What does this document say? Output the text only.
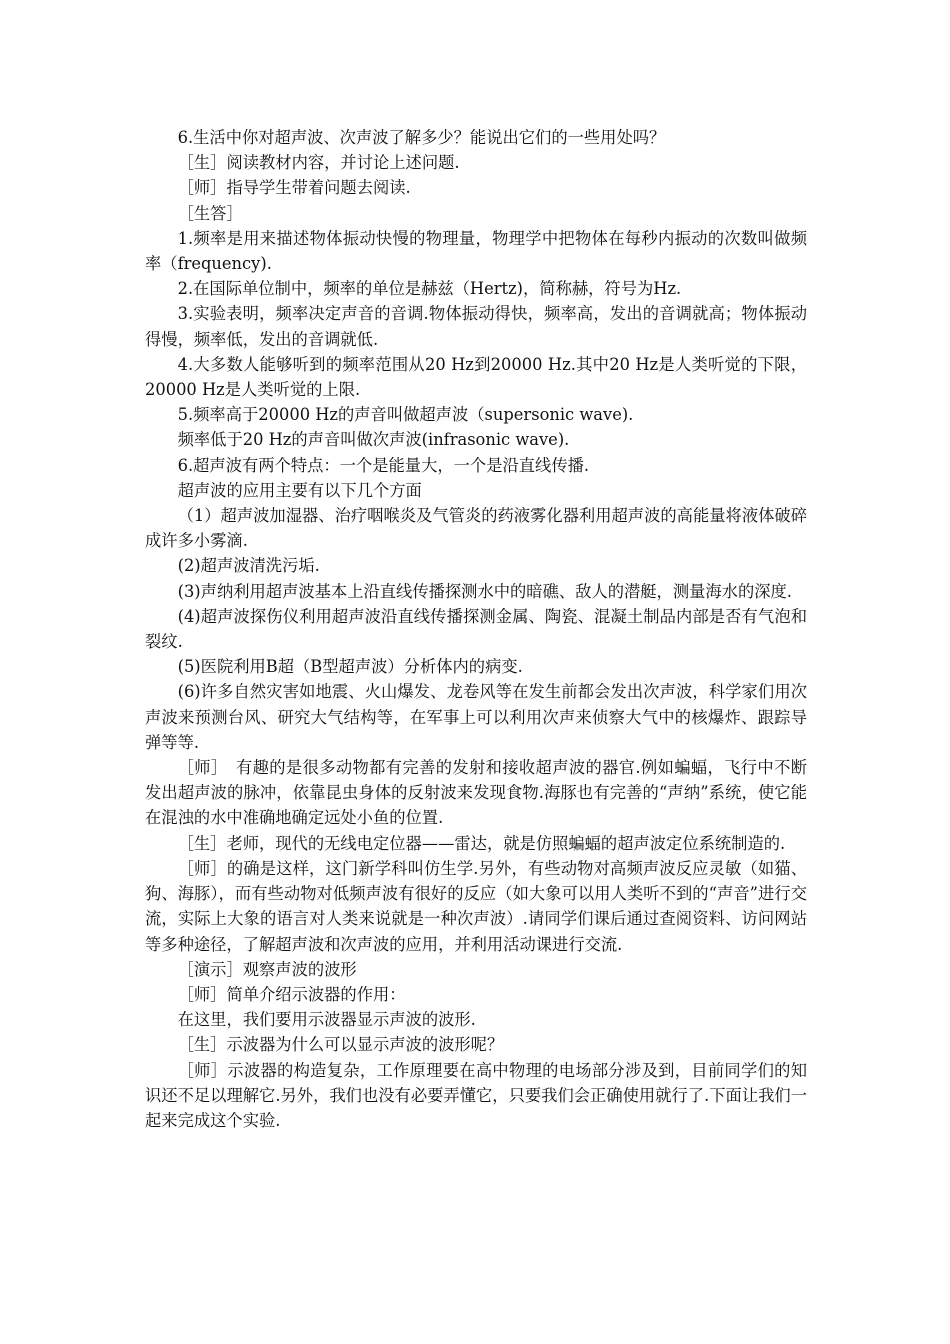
6.生活中你对超声波、次声波了解多少？能说出它们的一些用处吗？

［生］阅读教材内容，并讨论上述问题.

［师］指导学生带着问题去阅读.

［生答］

1.频率是用来描述物体振动快慢的物理量，物理学中把物体在每秒内振动的次数叫做频率（frequency).

2.在国际单位制中，频率的单位是赫兹（Hertz)，简称赫，符号为Hz.

3.实验表明，频率决定声音的音调.物体振动得快，频率高，发出的音调就高；物体振动得慢，频率低，发出的音调就低.

4.大多数人能够听到的频率范围从20 Hz到20000 Hz.其中20 Hz是人类听觉的下限，20000 Hz是人类听觉的上限.

5.频率高于20000 Hz的声音叫做超声波（supersonic wave).

频率低于20 Hz的声音叫做次声波(infrasonic wave).

6.超声波有两个特点：一个是能量大，一个是沿直线传播.

超声波的应用主要有以下几个方面

（1）超声波加湿器、治疗咽喉炎及气管炎的药液雾化器利用超声波的高能量将液体破碎成许多小雾滴.

(2)超声波清洗污垢.

(3)声纳利用超声波基本上沿直线传播探测水中的暗礁、敌人的潜艇，测量海水的深度.

(4)超声波探伤仪利用超声波沿直线传播探测金属、陶瓷、混凝土制品内部是否有气泡和裂纹.

(5)医院利用B超（B型超声波）分析体内的病变.

(6)许多自然灾害如地震、火山爆发、龙卷风等在发生前都会发出次声波，科学家们用次声波来预测台风、研究大气结构等，在军事上可以利用次声来侦察大气中的核爆炸、跟踪导弹等等.

［师］　有趣的是很多动物都有完善的发射和接收超声波的器官.例如蝙蝠，飞行中不断发出超声波的脉冲，依靠昆虫身体的反射波来发现食物.海豚也有完善的“声纳”系统，使它能在混浊的水中准确地确定远处小鱼的位置.

［生］老师，现代的无线电定位器——雷达，就是仿照蝙蝠的超声波定位系统制造的.

［师］的确是这样，这门新学科叫仿生学.另外，有些动物对高频声波反应灵敏（如猫、狗、海豚），而有些动物对低频声波有很好的反应（如大象可以用人类听不到的“声音”进行交流，实际上大象的语言对人类来说就是一种次声波）.请同学们课后通过查阅资料、访问网站等多种途径，了解超声波和次声波的应用，并利用活动课进行交流.

［演示］观察声波的波形

［师］简单介绍示波器的作用：

在这里，我们要用示波器显示声波的波形.

［生］示波器为什么可以显示声波的波形呢？

［师］示波器的构造复杂，工作原理要在高中物理的电场部分涉及到，目前同学们的知识还不足以理解它.另外，我们也没有必要弄懂它，只要我们会正确使用就行了.下面让我们一起来完成这个实验.
